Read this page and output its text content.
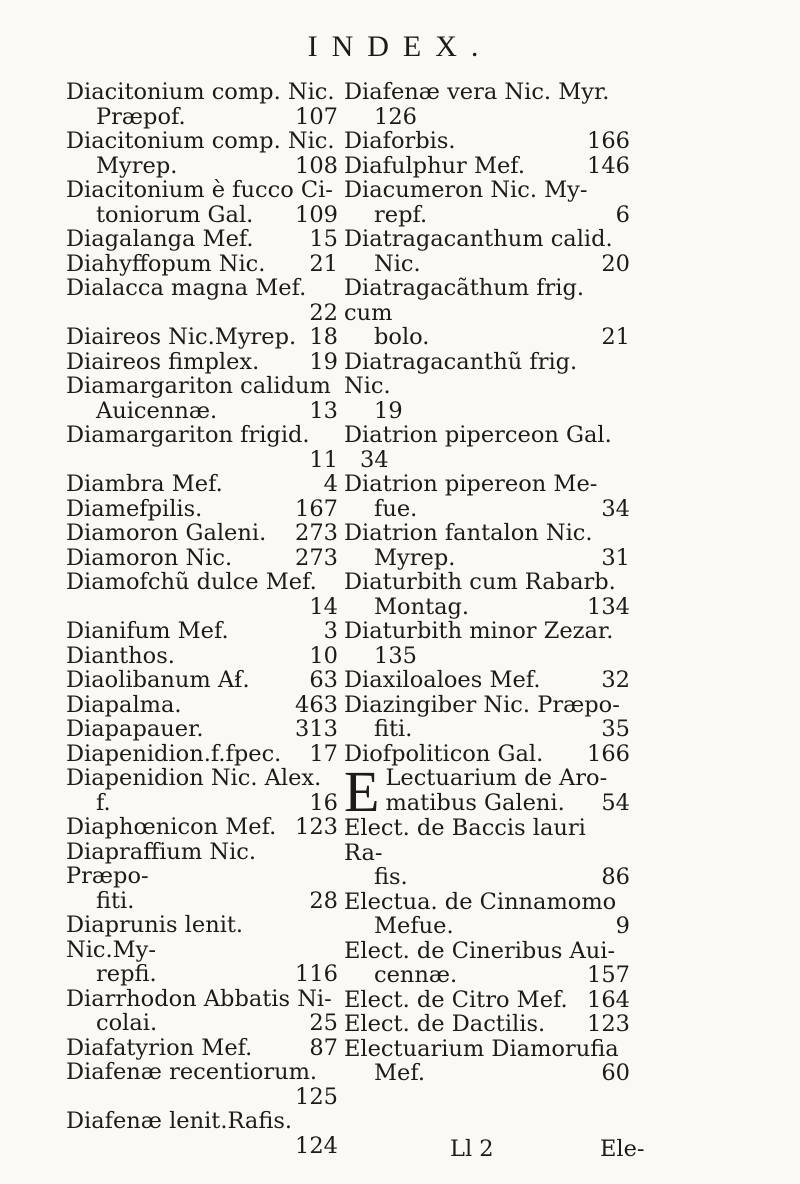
INDEX.
Diacitonium comp. Nic.
Præpof.	107
Diacitonium comp. Nic.
Myrep.	108
Diacitonium è fucco Ci-
toniorum Gal. 109
Diagalanga Mef. 15
Diahyffopum Nic. 21
Dialacca magna Mef.
22
Diaireos Nic.Myrep. 18
Diaireos fimplex. 19
Diamargariton calidum
Auicennæ.	13
Diamargariton frigid.
11
Diambra Mef.	4
Diamefpilis.	167
Diamoron Galeni. 273
Diamoron Nic.	273
Diamofchũ dulce Mef.
14
Dianifum Mef.	3
Dianthos.	10
Diaolibanum Aẜ.	63
Diapalma.	463
Diapapauer.	313
Diapenidion.f.fpec. 17
Diapenidion Nic. Alex.
f.	16
Diaphœnicon Mef. 123
Diapraffium Nic. Præpo-
fiti.	28
Diaprunis lenit. Nic.My-
repfi.	116
Diarrhodon Abbatis Ni-
colai.	25
Diafatyrion Mef.	87
Diafenæ recentiorum.
125
Diafenæ lenit.Rafis.
124
Diafenæ vera Nic. Myr.
126
Diaforbis.	166
Diafulphur Mef.	146
Diacumeron Nic. My-
repf.	6
Diatragacanthum calid.
Nic.	20
Diatragacãthum frig. cum
bolo.	21
Diatragacanthũ frig. Nic.
19
Diatrion piperceon Gal.
34
Diatrion pipereon Me-
fue.	34
Diatrion fantalon Nic.
Myrep.	31
Diaturbith cum Rabarb.
Montag.	134
Diaturbith minor Zezar.
135
Diaxiloaloes Mef.	32
Diazingiber Nic. Præpo-
fiti.	35
Diofpoliticon Gal. 166
E Lectuarium de Aro-
matibus Galeni. 54
Elect. de Baccis lauri Ra-
fis.	86
Electua. de Cinnamomo
Mefue.	9
Elect. de Cineribus Aui-
cennæ.	157
Elect. de Citro Mef. 164
Elect. de Dactilis. 123
Electuarium Diamorufia
Mef.	60
Ll 2	Ele-
